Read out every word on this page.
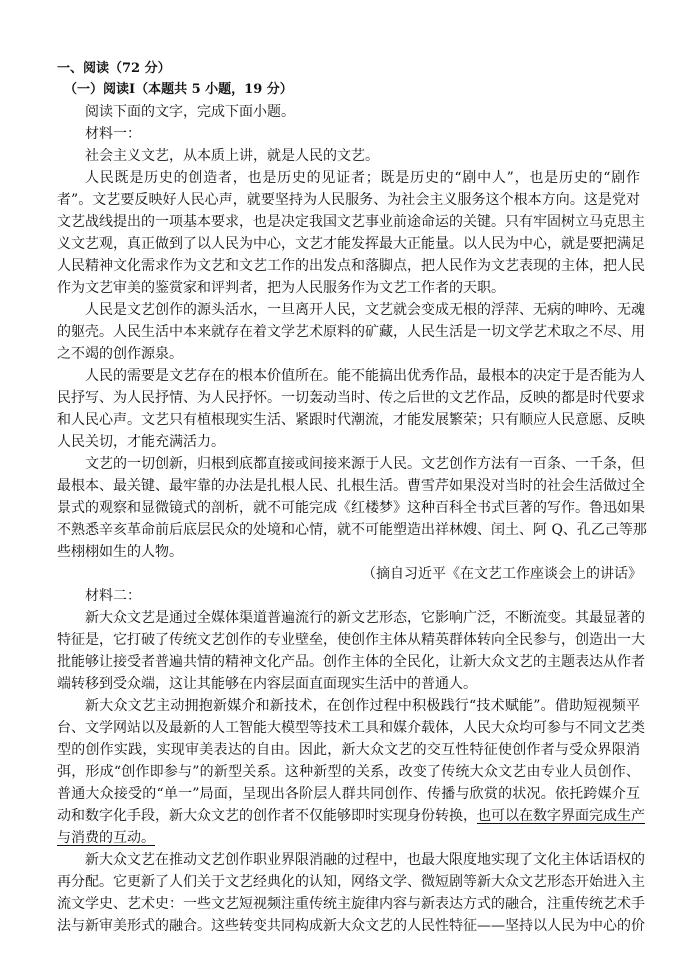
一、阅读（72 分）
（一）阅读Ⅰ（本题共 5 小题，19 分）
阅读下面的文字，完成下面小题。
材料一：
社会主义文艺，从本质上讲，就是人民的文艺。
人民既是历史的创造者，也是历史的见证者；既是历史的“剧中人”，也是历史的“剧作
者”。文艺要反映好人民心声，就要坚持为人民服务、为社会主义服务这个根本方向。这是党对
文艺战线提出的一项基本要求，也是决定我国文艺事业前途命运的关键。只有牢固树立马克思主
义文艺观，真正做到了以人民为中心，文艺才能发挥最大正能量。以人民为中心，就是要把满足
人民精神文化需求作为文艺和文艺工作的出发点和落脚点，把人民作为文艺表现的主体，把人民
作为文艺审美的鉴赏家和评判者，把为人民服务作为文艺工作者的天职。
人民是文艺创作的源头活水，一旦离开人民，文艺就会变成无根的浮萍、无病的呻吟、无魂
的躯壳。人民生活中本来就存在着文学艺术原料的矿藏，人民生活是一切文学艺术取之不尽、用
之不竭的创作源泉。
人民的需要是文艺存在的根本价值所在。能不能搞出优秀作品，最根本的决定于是否能为人
民抒写、为人民抒情、为人民抒怀。一切轰动当时、传之后世的文艺作品，反映的都是时代要求
和人民心声。文艺只有植根现实生活、紧跟时代潮流，才能发展繁荣；只有顺应人民意愿、反映
人民关切，才能充满活力。
文艺的一切创新，归根到底都直接或间接来源于人民。文艺创作方法有一百条、一千条，但
最根本、最关键、最牢靠的办法是扎根人民、扎根生活。曹雪芹如果没对当时的社会生活做过全
景式的观察和显微镜式的剖析，就不可能完成《红楼梦》这种百科全书式巨著的写作。鲁迅如果
不熟悉辛亥革命前后底层民众的处境和心情，就不可能塑造出祥林嫂、闰土、阿 Q、孔乙己等那
些栩栩如生的人物。
（摘自习近平《在文艺工作座谈会上的讲话》
材料二：
新大众文艺是通过全媒体渠道普遍流行的新文艺形态，它影响广泛，不断流变。其最显著的
特征是，它打破了传统文艺创作的专业壁垒，使创作主体从精英群体转向全民参与，创造出一大
批能够让接受者普遍共情的精神文化产品。创作主体的全民化，让新大众文艺的主题表达从作者
端转移到受众端，这让其能够在内容层面直面现实生活中的普通人。
新大众文艺主动拥抱新媒介和新技术，在创作过程中积极践行“技术赋能”。借助短视频平
台、文学网站以及最新的人工智能大模型等技术工具和媒介载体，人民大众均可参与不同文艺类
型的创作实践，实现审美表达的自由。因此，新大众文艺的交互性特征使创作者与受众界限消
弭，形成“创作即参与”的新型关系。这种新型的关系，改变了传统大众文艺由专业人员创作、
普通大众接受的“单一”局面，呈现出各阶层人群共同创作、传播与欣赏的状况。依托跨媒介互
动和数字化手段，新大众文艺的创作者不仅能够即时实现身份转换，也可以在数字界面完成生产
与消费的互动。
新大众文艺在推动文艺创作职业界限消融的过程中，也最大限度地实现了文化主体话语权的
再分配。它更新了人们关于文艺经典化的认知，网络文学、微短剧等新大众文艺形态开始进入主
流文学史、艺术史：一些文艺短视频注重传统主旋律内容与新表达方式的融合，注重传统艺术手
法与新审美形式的融合。这些转变共同构成新大众文艺的人民性特征——坚持以人民为中心的价
